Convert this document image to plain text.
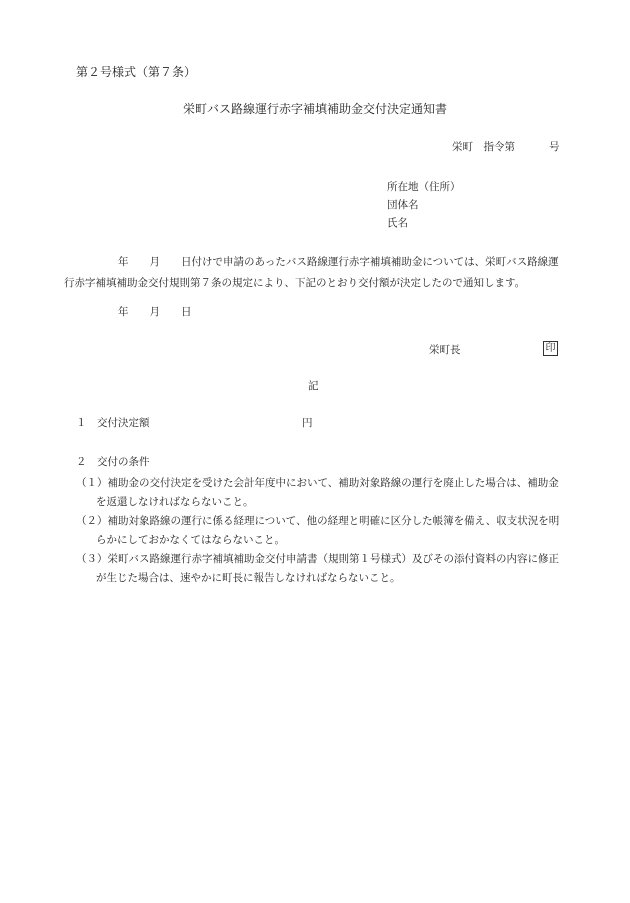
第２号様式（第７条）
栄町バス路線運行赤字補填補助金交付決定通知書
栄町　指令第	号
所在地（住所）
団体名
氏名
年　　月　　日付けで申請のあったバス路線運行赤字補填補助金については、栄町バス路線運
行赤字補填補助金交付規則第７条の規定により、下記のとおり交付額が決定したので通知します。
年　　月　　日
栄町長	印
記
１　交付決定額	円
２　交付の条件
（１）補助金の交付決定を受けた会計年度中において、補助対象路線の運行を廃止した場合は、補助金
を返還しなければならないこと。
（２）補助対象路線の運行に係る経理について、他の経理と明確に区分した帳簿を備え、収支状況を明
らかにしておかなくてはならないこと。
（３）栄町バス路線運行赤字補填補助金交付申請書（規則第１号様式）及びその添付資料の内容に修正
が生じた場合は、速やかに町長に報告しなければならないこと。
